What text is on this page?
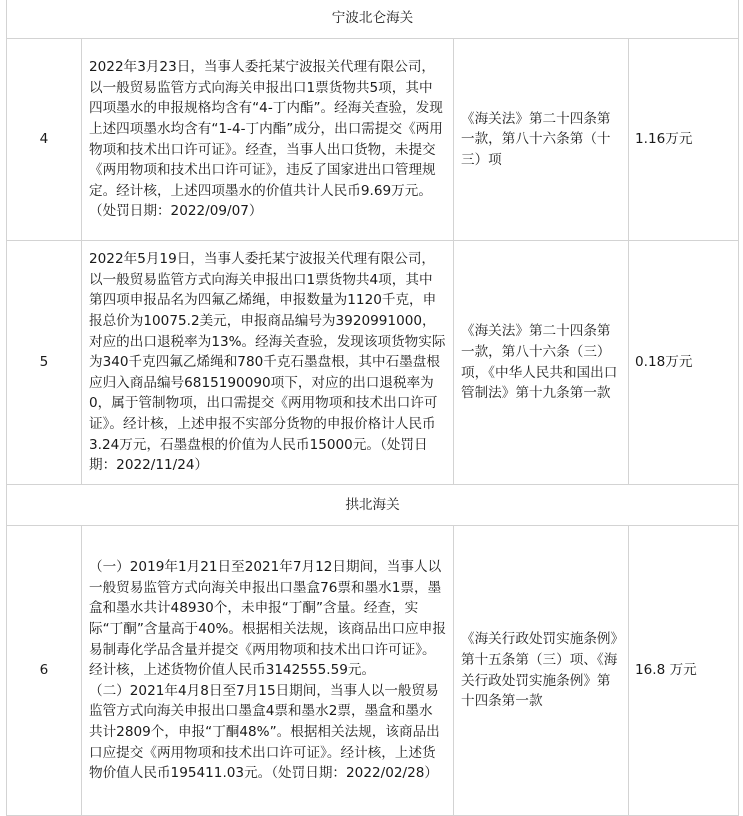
宁波北仑海关			
4	2022年3月23日，当事人委托某宁波报关代理有限公司，以一般贸易监管方式向海关申报出口1票货物共5项，其中四项墨水的申报规格均含有“4-丁内酯”。经海关查验，发现上述四项墨水均含有“1-4-丁内酯”成分，出口需提交《两用物项和技术出口许可证》。经查，当事人出口货物，未提交《两用物项和技术出口许可证》，违反了国家进出口管理规定。经计核，上述四项墨水的价值共计人民币9.69万元。（处罚日期：2022/09/07）	《海关法》第二十四条第一款，第八十六条第（十三）项	1.16万元
5	2022年5月19日，当事人委托某宁波报关代理有限公司，以一般贸易监管方式向海关申报出口1票货物共4项，其中第四项申报品名为四氟乙烯绳，申报数量为1120千克，申报总价为10075.2美元，申报商品编号为3920991000，对应的出口退税率为13%。经海关查验，发现该项货物实际为340千克四氟乙烯绳和780千克石墨盘根，其中石墨盘根应归入商品编号6815190090项下，对应的出口退税率为0，属于管制物项，出口需提交《两用物项和技术出口许可证》。经计核，上述申报不实部分货物的申报价格计人民币3.24万元，石墨盘根的价值为人民币15000元。（处罚日期：2022/11/24）	《海关法》第二十四条第一款，第八十六条（三）项，《中华人民共和国出口管制法》第十九条第一款	0.18万元
拱北海关			
6	（一）2019年1月21日至2021年7月12日期间，当事人以一般贸易监管方式向海关申报出口墨盒76票和墨水1票，墨盒和墨水共计48930个，未申报“丁酮”含量。经查，实际“丁酮”含量高于40%。根据相关法规，该商品出口应申报易制毒化学品含量并提交《两用物项和技术出口许可证》。经计核，上述货物价值人民币3142555.59元。

（二）2021年4月8日至7月15日期间，当事人以一般贸易监管方式向海关申报出口墨盒4票和墨水2票，墨盒和墨水共计2809个，申报“丁酮48%”。根据相关法规，该商品出口应提交《两用物项和技术出口许可证》。经计核，上述货物价值人民币195411.03元。（处罚日期：2022/02/28）	《海关行政处罚实施条例》第十五条第（三）项、《海关行政处罚实施条例》第十四条第一款	16.8 万元
